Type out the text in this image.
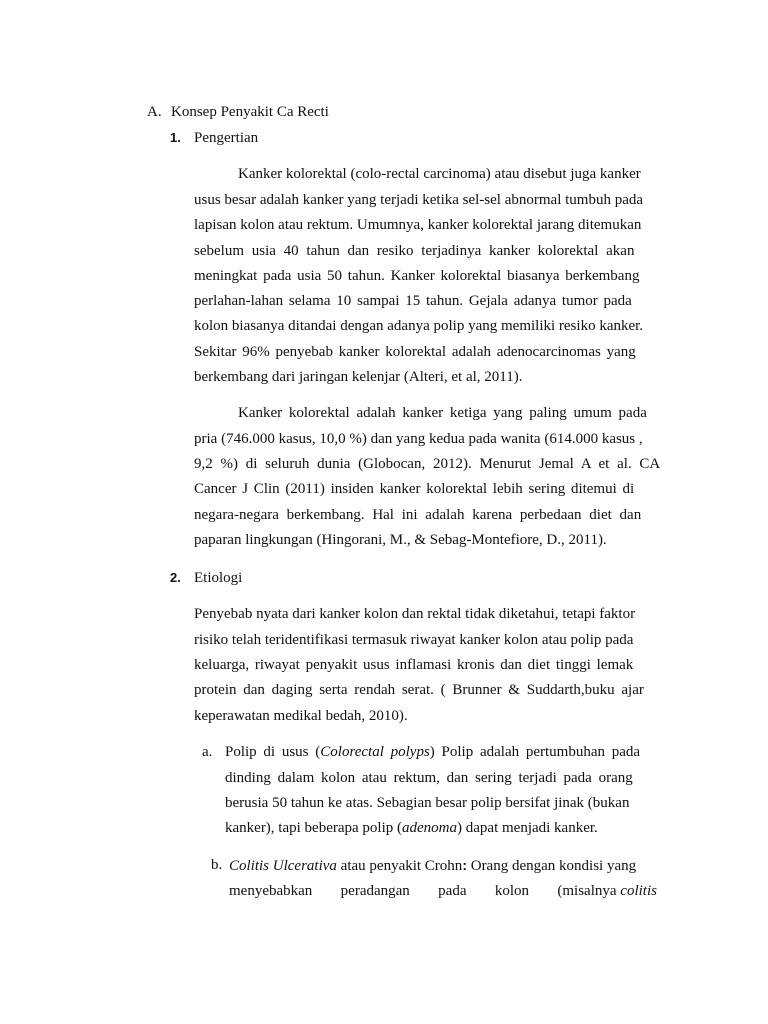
A. Konsep Penyakit Ca Recti
1. Pengertian
Kanker kolorektal (colo-rectal carcinoma) atau disebut juga kanker
usus besar adalah kanker yang terjadi ketika sel-sel abnormal tumbuh pada
lapisan kolon atau rektum. Umumnya, kanker kolorektal jarang ditemukan
sebelum usia 40 tahun dan resiko terjadinya kanker kolorektal akan
meningkat pada usia 50 tahun. Kanker kolorektal biasanya berkembang
perlahan-lahan selama 10 sampai 15 tahun. Gejala adanya tumor pada
kolon biasanya ditandai dengan adanya polip yang memiliki resiko kanker.
Sekitar 96% penyebab kanker kolorektal adalah adenocarcinomas yang
berkembang dari jaringan kelenjar (Alteri, et al, 2011).
Kanker kolorektal adalah kanker ketiga yang paling umum pada
pria (746.000 kasus, 10,0 %) dan yang kedua pada wanita (614.000 kasus ,
9,2 %) di seluruh dunia (Globocan, 2012). Menurut Jemal A et al. CA
Cancer J Clin (2011) insiden kanker kolorektal lebih sering ditemui di
negara-negara berkembang. Hal ini adalah karena perbedaan diet dan
paparan lingkungan (Hingorani, M., & Sebag-Montefiore, D., 2011).
2. Etiologi
Penyebab nyata dari kanker kolon dan rektal tidak diketahui, tetapi faktor
risiko telah teridentifikasi termasuk riwayat kanker kolon atau polip pada
keluarga, riwayat penyakit usus inflamasi kronis dan diet tinggi lemak
protein dan daging serta rendah serat. ( Brunner & Suddarth,buku ajar
keperawatan medikal bedah, 2010).
a. Polip di usus (Colorectal polyps) Polip adalah pertumbuhan pada
dinding dalam kolon atau rektum, dan sering terjadi pada orang
berusia 50 tahun ke atas. Sebagian besar polip bersifat jinak (bukan
kanker), tapi beberapa polip (adenoma) dapat menjadi kanker.
b. Colitis Ulcerativa atau penyakit Crohn: Orang dengan kondisi yang
menyebabkan peradangan pada kolon (misalnya colitis
